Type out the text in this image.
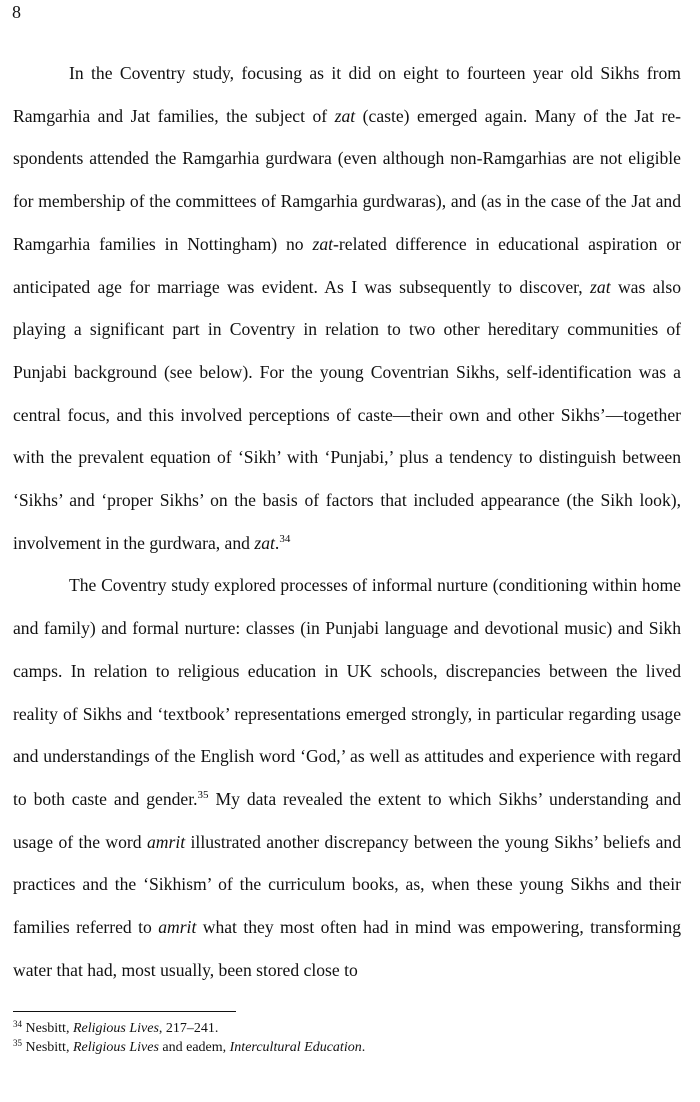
8

In the Coventry study, focusing as it did on eight to fourteen year old Sikhs from Ramgarhia and Jat families, the subject of zat (caste) emerged again. Many of the Jat respondents attended the Ramgarhia gurdwara (even although non-Ramgarhias are not eligible for membership of the committees of Ramgarhia gurdwaras), and (as in the case of the Jat and Ramgarhia families in Nottingham) no zat-related difference in educational aspiration or anticipated age for marriage was evident. As I was subsequently to discover, zat was also playing a significant part in Coventry in relation to two other hereditary communities of Punjabi background (see below). For the young Coventrian Sikhs, self-identification was a central focus, and this involved perceptions of caste—their own and other Sikhs’—together with the prevalent equation of ‘Sikh’ with ‘Punjabi,’ plus a tendency to distinguish between ‘Sikhs’ and ‘proper Sikhs’ on the basis of factors that included appearance (the Sikh look), involvement in the gurdwara, and zat.$^{34}$

The Coventry study explored processes of informal nurture (conditioning within home and family) and formal nurture: classes (in Punjabi language and devotional music) and Sikh camps. In relation to religious education in UK schools, discrepancies between the lived reality of Sikhs and ‘textbook’ representations emerged strongly, in particular regarding usage and understandings of the English word ‘God,’ as well as attitudes and experience with regard to both caste and gender.$^{35}$ My data revealed the extent to which Sikhs’ understanding and usage of the word amrit illustrated another discrepancy between the young Sikhs’ beliefs and practices and the ‘Sikhism’ of the curriculum books, as, when these young Sikhs and their families referred to amrit what they most often had in mind was empowering, transforming water that had, most usually, been stored close to

$^{34}$ Nesbitt, Religious Lives, 217–241.
$^{35}$ Nesbitt, Religious Lives and eadem, Intercultural Education.
